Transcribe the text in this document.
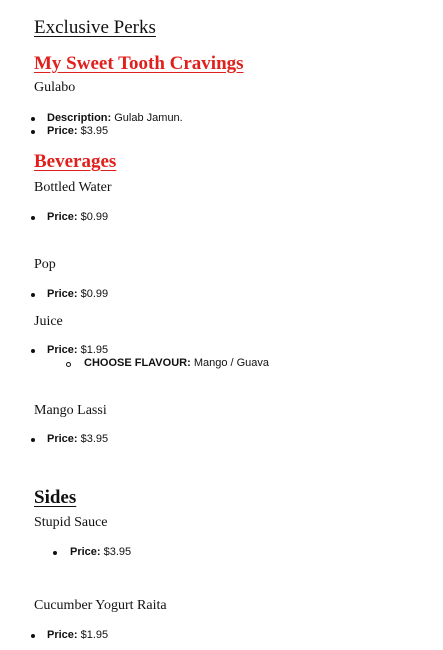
Exclusive Perks
My Sweet Tooth Cravings
Gulabo
Description: Gulab Jamun.
Price: $3.95
Beverages
Bottled Water
Price: $0.99
Pop
Price: $0.99
Juice
Price: $1.95
CHOOSE FLAVOUR: Mango / Guava
Mango Lassi
Price: $3.95
Sides
Stupid Sauce
Price: $3.95
Cucumber Yogurt Raita
Price: $1.95
